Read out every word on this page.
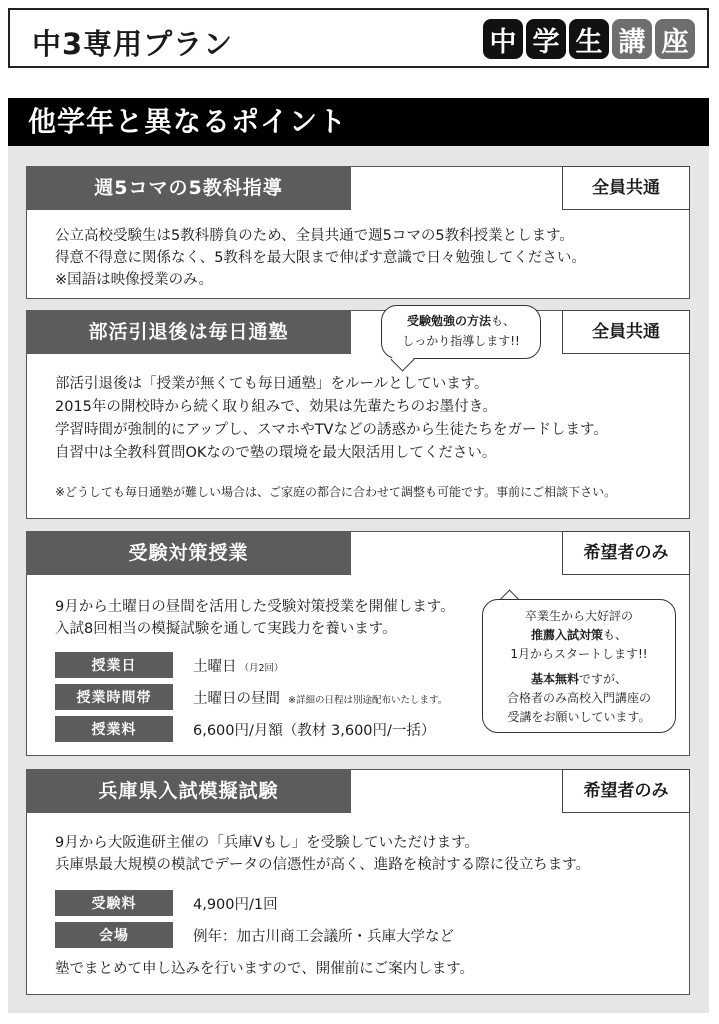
中3専用プラン	中 学 生 講 座
他学年と異なるポイント
週5コマの5教科指導	全員共通
公立高校受験生は5教科勝負のため、全員共通で週5コマの5教科授業とします。
得意不得意に関係なく、5教科を最大限まで伸ばす意識で日々勉強してください。
※国語は映像授業のみ。
部活引退後は毎日通塾	全員共通
部活引退後は「授業が無くても毎日通塾」をルールとしています。
2015年の開校時から続く取り組みで、効果は先輩たちのお墨付き。
学習時間が強制的にアップし、スマホやTVなどの誘惑から生徒たちをガードします。
自習中は全教科質問OKなので塾の環境を最大限活用してください。
※どうしても毎日通塾が難しい場合は、ご家庭の都合に合わせて調整も可能です。事前にご相談下さい。
受験勉強の方法も、
しっかり指導します!!
受験対策授業	希望者のみ
9月から土曜日の昼間を活用した受験対策授業を開催します。
入試8回相当の模擬試験を通して実践力を養います。
授業日	土曜日 （月2回）
授業時間帯	土曜日の昼間 ※詳細の日程は別途配布いたします。
授業料	6,600円/月額（教材 3,600円/一括）
卒業生から大好評の
推薦入試対策も、
1月からスタートします!!
基本無料ですが、
合格者のみ高校入門講座の
受講をお願いしています。
兵庫県入試模擬試験	希望者のみ
9月から大阪進研主催の「兵庫Vもし」を受験していただけます。
兵庫県最大規模の模試でデータの信憑性が高く、進路を検討する際に役立ちます。
受験料	4,900円/1回
会場	例年：加古川商工会議所・兵庫大学など
塾でまとめて申し込みを行いますので、開催前にご案内します。
